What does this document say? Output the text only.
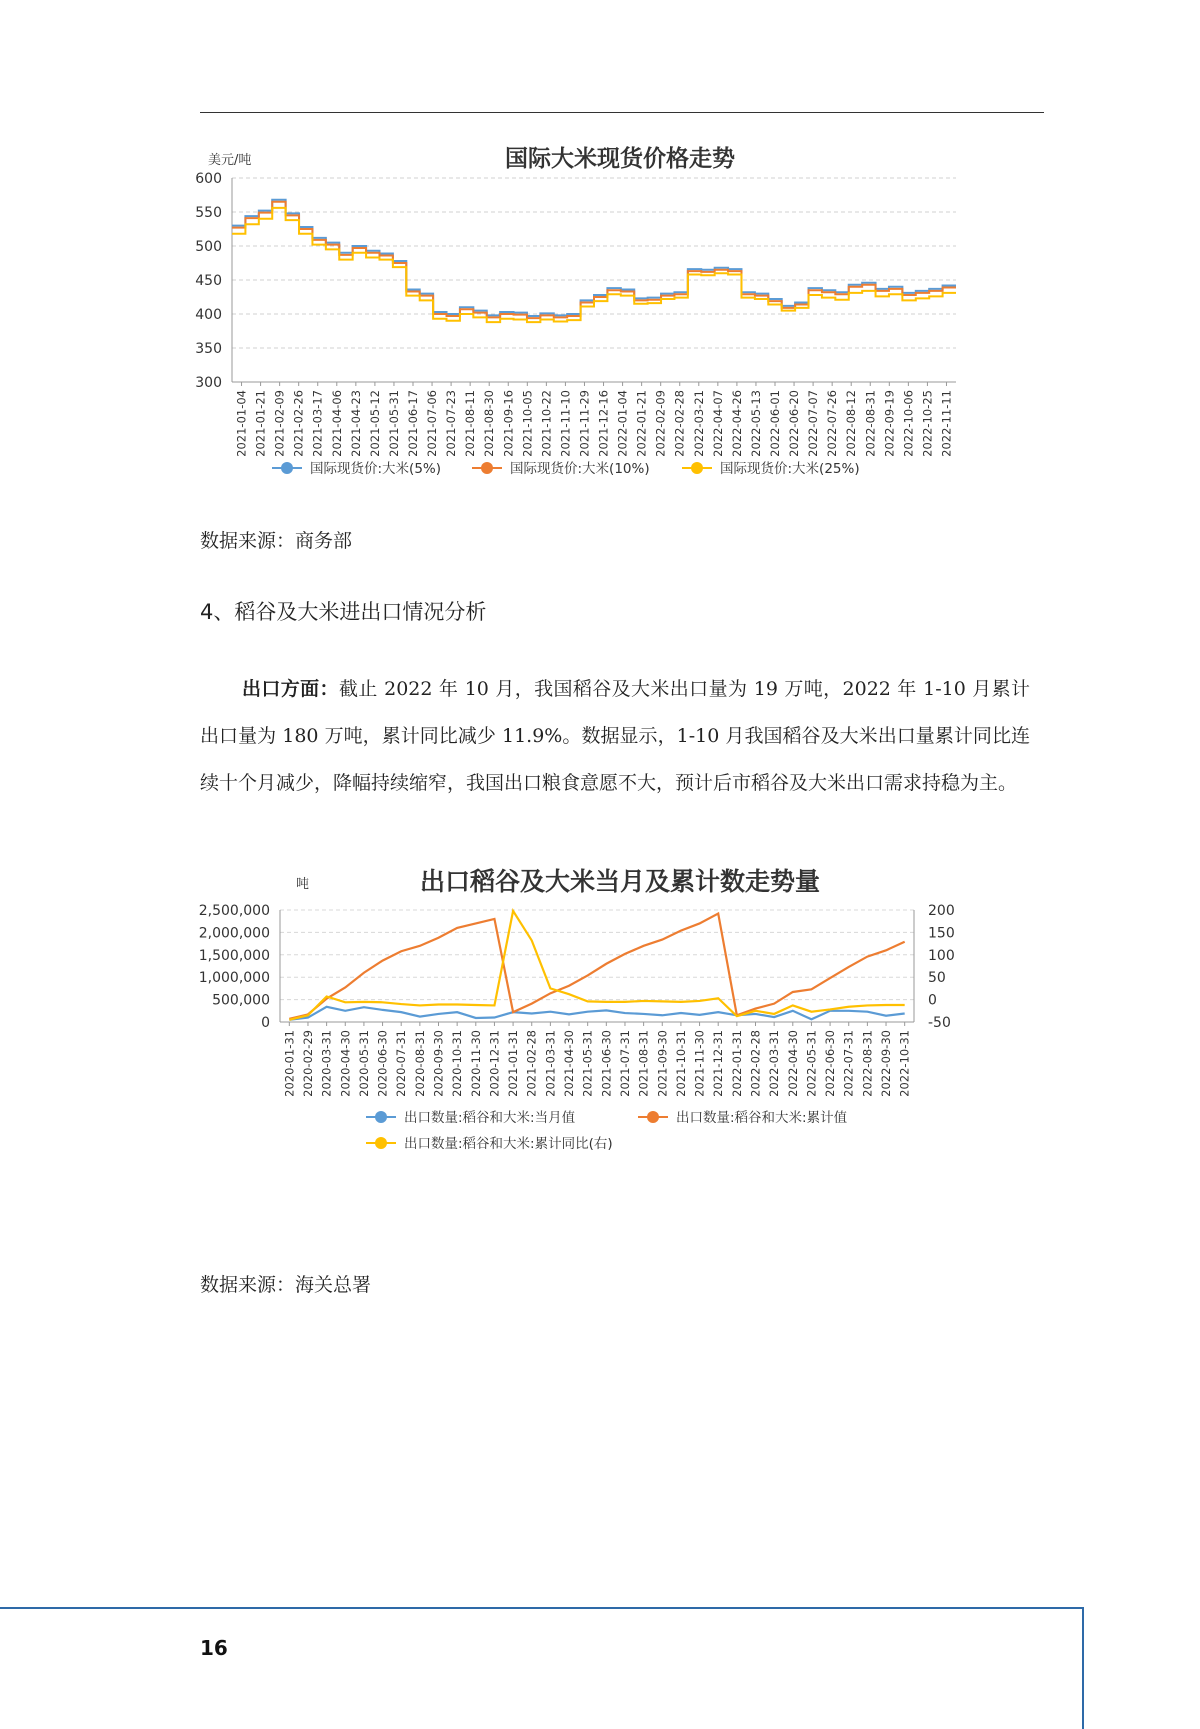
国际大米现货价格走势
美元/吨
600
550
500
450
400
350
300
2021-01-04 2021-01-21 2021-02-09 2021-02-26 2021-03-17 2021-04-06 2021-04-23 2021-05-12 2021-05-31 2021-06-17 2021-07-06 2021-07-23 2021-08-11 2021-08-30 2021-09-16 2021-10-05 2021-10-22 2021-11-10 2021-11-29 2021-12-16 2022-01-04 2022-01-21 2022-02-09 2022-02-28 2022-03-21 2022-04-07 2022-04-26 2022-05-13 2022-06-01 2022-06-20 2022-07-07 2022-07-26 2022-08-12 2022-08-31 2022-09-19 2022-10-06 2022-10-25 2022-11-11
国际现货价:大米(5%)	国际现货价:大米(10%)	国际现货价:大米(25%)
数据来源：商务部
4、稻谷及大米进出口情况分析
出口方面：截止 2022 年 10 月，我国稻谷及大米出口量为 19 万吨，2022 年 1-10 月累计出口量为 180 万吨，累计同比减少 11.9%。数据显示，1-10 月我国稻谷及大米出口量累计同比连续十个月减少，降幅持续缩窄，我国出口粮食意愿不大，预计后市稻谷及大米出口需求持稳为主。
出口稻谷及大米当月及累计数走势量
吨
2,500,000
2,000,000
1,500,000
1,000,000
500,000
0
200
150
100
50
0
-50
2020-01-31 2020-02-29 2020-03-31 2020-04-30 2020-05-31 2020-06-30 2020-07-31 2020-08-31 2020-09-30 2020-10-31 2020-11-30 2020-12-31 2021-01-31 2021-02-28 2021-03-31 2021-04-30 2021-05-31 2021-06-30 2021-07-31 2021-08-31 2021-09-30 2021-10-31 2021-11-30 2021-12-31 2022-01-31 2022-02-28 2022-03-31 2022-04-30 2022-05-31 2022-06-30 2022-07-31 2022-08-31 2022-09-30 2022-10-31
出口数量:稻谷和大米:当月值	出口数量:稻谷和大米:累计值
出口数量:稻谷和大米:累计同比(右)
数据来源：海关总署
16
